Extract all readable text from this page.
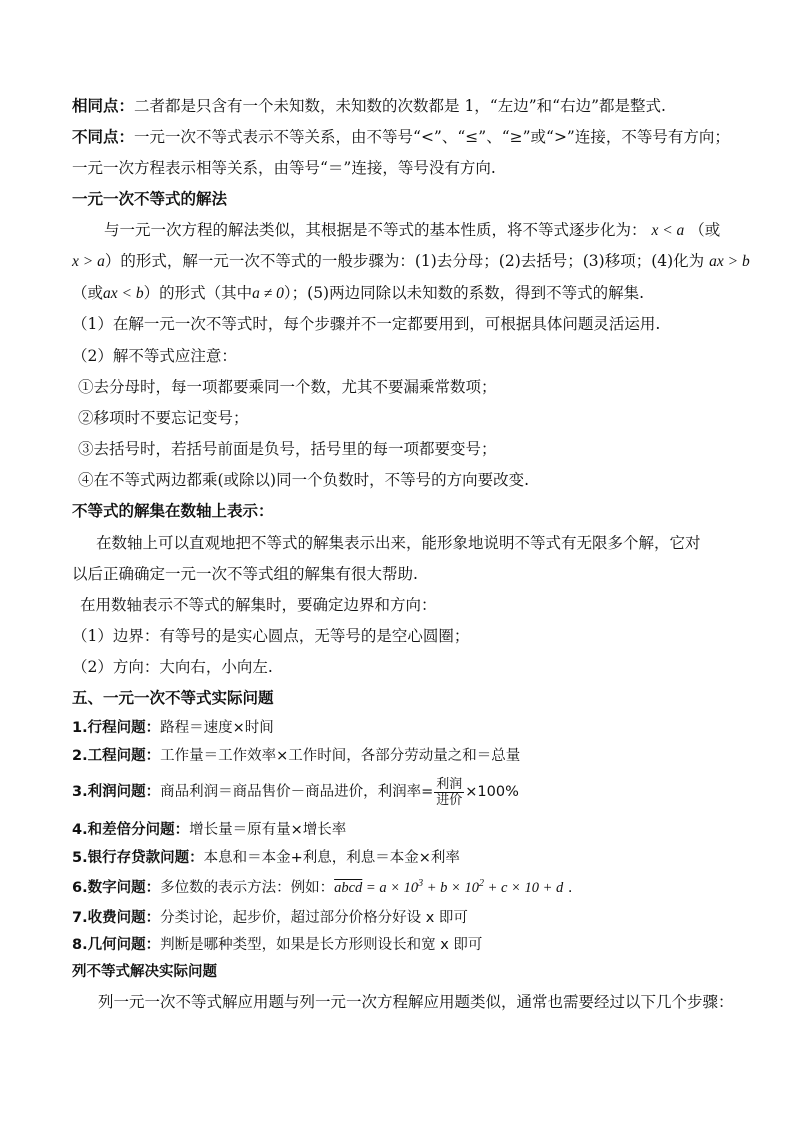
相同点：二者都是只含有一个未知数，未知数的次数都是 1，“左边”和“右边”都是整式.
不同点：一元一次不等式表示不等关系，由不等号“<”、“≤”、“≥”或“>”连接，不等号有方向；
一元一次方程表示相等关系，由等号“＝”连接，等号没有方向.
一元一次不等式的解法
与一元一次方程的解法类似，其根据是不等式的基本性质，将不等式逐步化为： x < a （或
x > a）的形式，解一元一次不等式的一般步骤为：(1)去分母；(2)去括号；(3)移项；(4)化为 ax > b
（或ax < b）的形式（其中a ≠ 0）；(5)两边同除以未知数的系数，得到不等式的解集.
（1）在解一元一次不等式时，每个步骤并不一定都要用到，可根据具体问题灵活运用.
（2）解不等式应注意：
①去分母时，每一项都要乘同一个数，尤其不要漏乘常数项；
②移项时不要忘记变号；
③去括号时，若括号前面是负号，括号里的每一项都要变号；
④在不等式两边都乘(或除以)同一个负数时，不等号的方向要改变.
不等式的解集在数轴上表示：
在数轴上可以直观地把不等式的解集表示出来，能形象地说明不等式有无限多个解，它对
以后正确确定一元一次不等式组的解集有很大帮助.
在用数轴表示不等式的解集时，要确定边界和方向：
（1）边界：有等号的是实心圆点，无等号的是空心圆圈；
（2）方向：大向右，小向左.
五、一元一次不等式实际问题
1.行程问题：路程＝速度×时间
2.工程问题：工作量＝工作效率×工作时间，各部分劳动量之和＝总量
3.利润问题：商品利润＝商品售价－商品进价，利润率= $\frac{\text{利润}}{\text{进价}} \times 100\%$
4.和差倍分问题：增长量＝原有量×增长率
5.银行存贷款问题：本息和＝本金+利息，利息＝本金×利率
6.数字问题：多位数的表示方法：例如：abcd = $a \times 10^3 + b \times 10^2 + c \times 10 + d$ .
7.收费问题：分类讨论，起步价，超过部分价格分好设 x 即可
8.几何问题：判断是哪种类型，如果是长方形则设长和宽 x 即可
列不等式解决实际问题
列一元一次不等式解应用题与列一元一次方程解应用题类似，通常也需要经过以下几个步骤：
